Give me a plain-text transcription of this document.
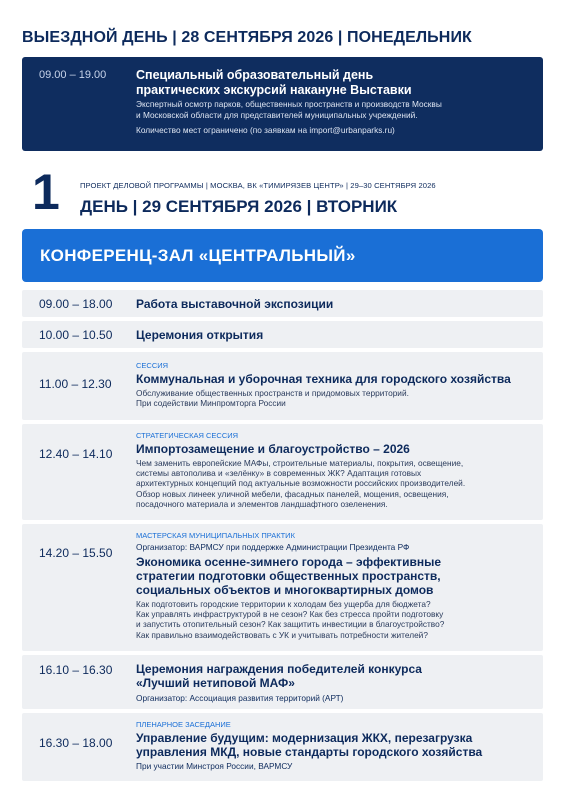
ВЫЕЗДНОЙ ДЕНЬ | 28 СЕНТЯБРЯ 2026 | ПОНЕДЕЛЬНИК
09.00 – 19.00 Специальный образовательный день
практических экскурсий накануне Выставки
Экспертный осмотр парков, общественных пространств и производств Москвы
и Московской области для представителей муниципальных учреждений.
Количество мест ограничено (по заявкам на import@urbanparks.ru)
1	ПРОЕКТ ДЕЛОВОЙ ПРОГРАММЫ | МОСКВА, ВК «ТИМИРЯЗЕВ ЦЕНТР» | 29–30 СЕНТЯБРЯ 2026
ДЕНЬ | 29 СЕНТЯБРЯ 2026 | ВТОРНИК
КОНФЕРЕНЦ-ЗАЛ «ЦЕНТРАЛЬНЫЙ»
09.00 – 18.00 Работа выставочной экспозиции
10.00 – 10.50 Церемония открытия
11.00 – 12.30
СЕССИЯ
Коммунальная и уборочная техника для городского хозяйства
Обслуживание общественных пространств и придомовых территорий.
При содействии Минпромторга России
12.40 – 14.10
СТРАТЕГИЧЕСКАЯ СЕССИЯ
Импортозамещение и благоустройство – 2026
Чем заменить европейские МАФы, строительные материалы, покрытия, освещение,
системы автополива и «зелёнку» в современных ЖК? Адаптация готовых
архитектурных концепций под актуальные возможности российских производителей.
Обзор новых линеек уличной мебели, фасадных панелей, мощения, освещения,
посадочного материала и элементов ландшафтного озеленения.
14.20 – 15.50
МАСТЕРСКАЯ МУНИЦИПАЛЬНЫХ ПРАКТИК
Организатор: ВАРМСУ при поддержке Администрации Президента РФ
Экономика осенне-зимнего города – эффективные
стратегии подготовки общественных пространств,
социальных объектов и многоквартирных домов
Как подготовить городские территории к холодам без ущерба для бюджета?
Как управлять инфраструктурой в не сезон? Как без стресса пройти подготовку
и запустить отопительный сезон? Как защитить инвестиции в благоустройство?
Как правильно взаимодействовать с УК и учитывать потребности жителей?
16.10 – 16.30 Церемония награждения победителей конкурса
«Лучший нетиповой МАФ»
Организатор: Ассоциация развития территорий (АРТ)
16.30 – 18.00
ПЛЕНАРНОЕ ЗАСЕДАНИЕ
Управление будущим: модернизация ЖКХ, перезагрузка
управления МКД, новые стандарты городского хозяйства
При участии Минстроя России, ВАРМСУ
